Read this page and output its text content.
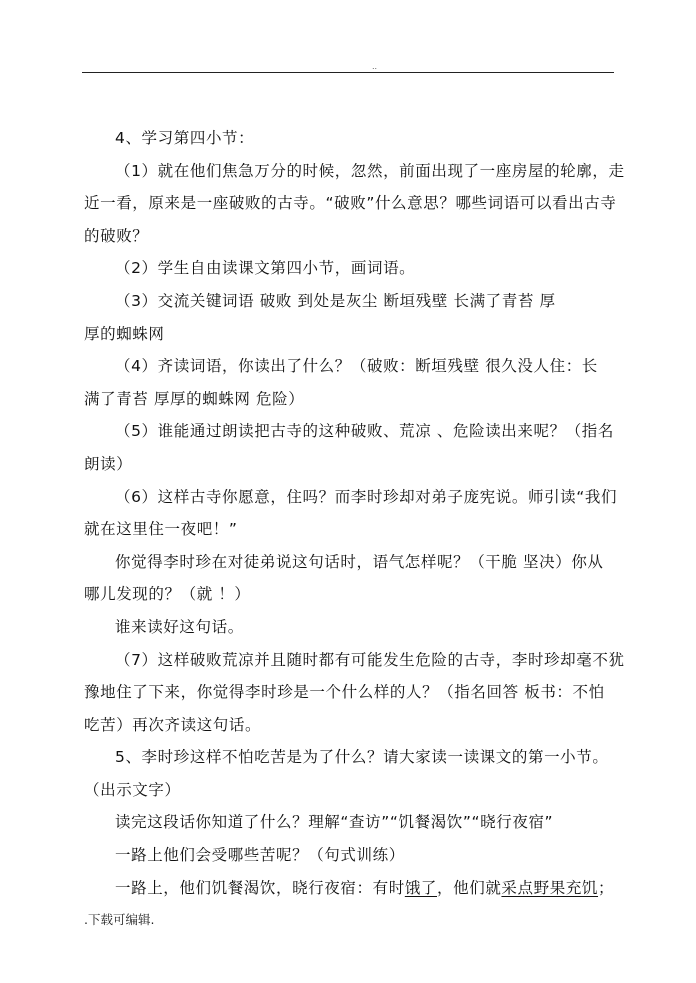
..
4、学习第四小节：
（1）就在他们焦急万分的时候，忽然，前面出现了一座房屋的轮廓，走
近一看，原来是一座破败的古寺。“破败”什么意思？哪些词语可以看出古寺
的破败？
（2）学生自由读课文第四小节，画词语。
（3）交流关键词语 破败 到处是灰尘 断垣残壁 长满了青苔 厚
厚的蜘蛛网
（4）齐读词语，你读出了什么？（破败：断垣残壁 很久没人住：长
满了青苔 厚厚的蜘蛛网 危险）
（5）谁能通过朗读把古寺的这种破败、荒凉 、危险读出来呢？（指名
朗读）
（6）这样古寺你愿意，住吗？而李时珍却对弟子庞宪说。师引读“我们
就在这里住一夜吧！”
你觉得李时珍在对徒弟说这句话时，语气怎样呢？（干脆 坚决）你从
哪儿发现的？（就 ！）
谁来读好这句话。
（7）这样破败荒凉并且随时都有可能发生危险的古寺，李时珍却毫不犹
豫地住了下来，你觉得李时珍是一个什么样的人？（指名回答 板书：不怕
吃苦）再次齐读这句话。
5、李时珍这样不怕吃苦是为了什么？请大家读一读课文的第一小节。
（出示文字）
读完这段话你知道了什么？理解“查访”“饥餐渴饮”“晓行夜宿”
一路上他们会受哪些苦呢？（句式训练）
一路上，他们饥餐渴饮，晓行夜宿：有时饿了，他们就采点野果充饥；
.下载可编辑.
